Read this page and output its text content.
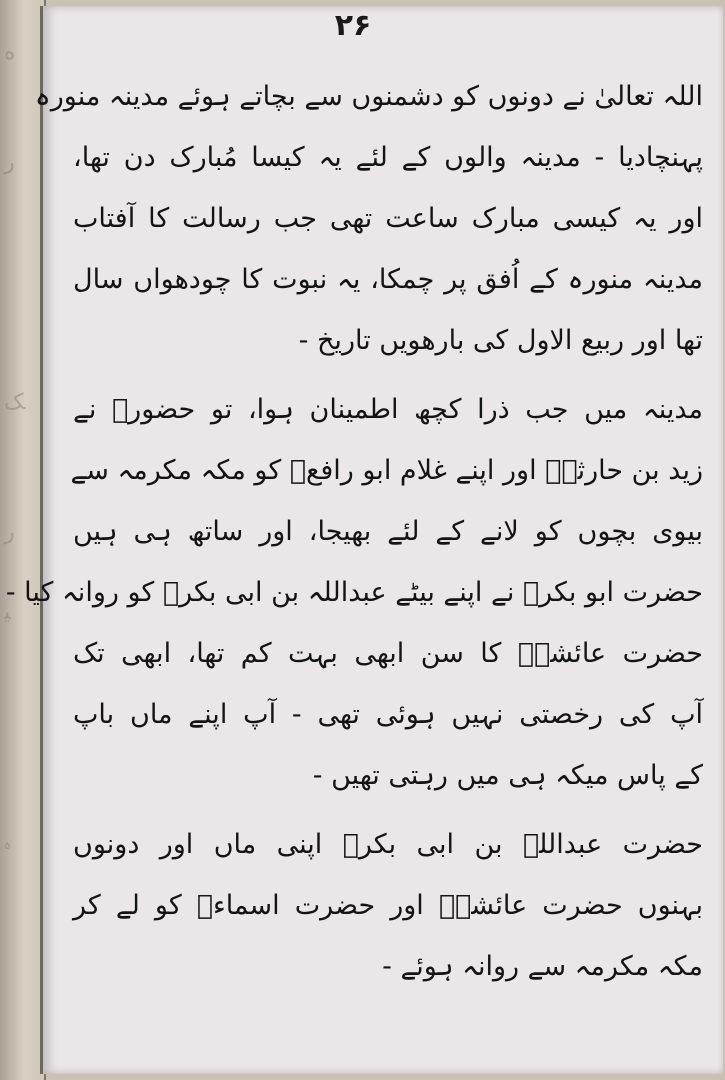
ﻩ
ﺭ
ﮏ
ﺭ
ﯿ
ﮦ
۲۶
اللہ تعالیٰ نے دونوں کو دشمنوں سے بچاتے ہوئے مدینہ منورہ
پہنچادیا - مدینہ والوں کے لئے یہ کیسا مُبارک دن تھا،
اور یہ کیسی مبارک ساعت تھی جب رسالت کا آفتاب
مدینہ منورہ کے اُفق پر چمکا، یہ نبوت کا چودھواں سال
تھا اور ربیع الاول کی بارھویں تاریخ -
مدینہ میں جب ذرا کچھ اطمینان ہوا، تو حضورؐ نے
زید بن حارثہؓ اور اپنے غلام ابو رافعؓ کو مکہ مکرمہ سے
بیوی بچوں کو لانے کے لئے بھیجا، اور ساتھ ہی ہیں
حضرت ابو بکرؓ نے اپنے بیٹے عبداللہ بن ابی بکرؓ کو روانہ کیا -
حضرت عائشہؓ کا سن ابھی بہت کم تھا، ابھی تک
آپ کی رخصتی نہیں ہوئی تھی - آپ اپنے ماں باپ
کے پاس میکہ ہی میں رہتی تھیں -
حضرت عبداللہ بن ابی بکرؓ اپنی ماں اور دونوں
بہنوں حضرت عائشہؓ اور حضرت اسماءؓ کو لے کر
مکہ مکرمہ سے روانہ ہوئے -
